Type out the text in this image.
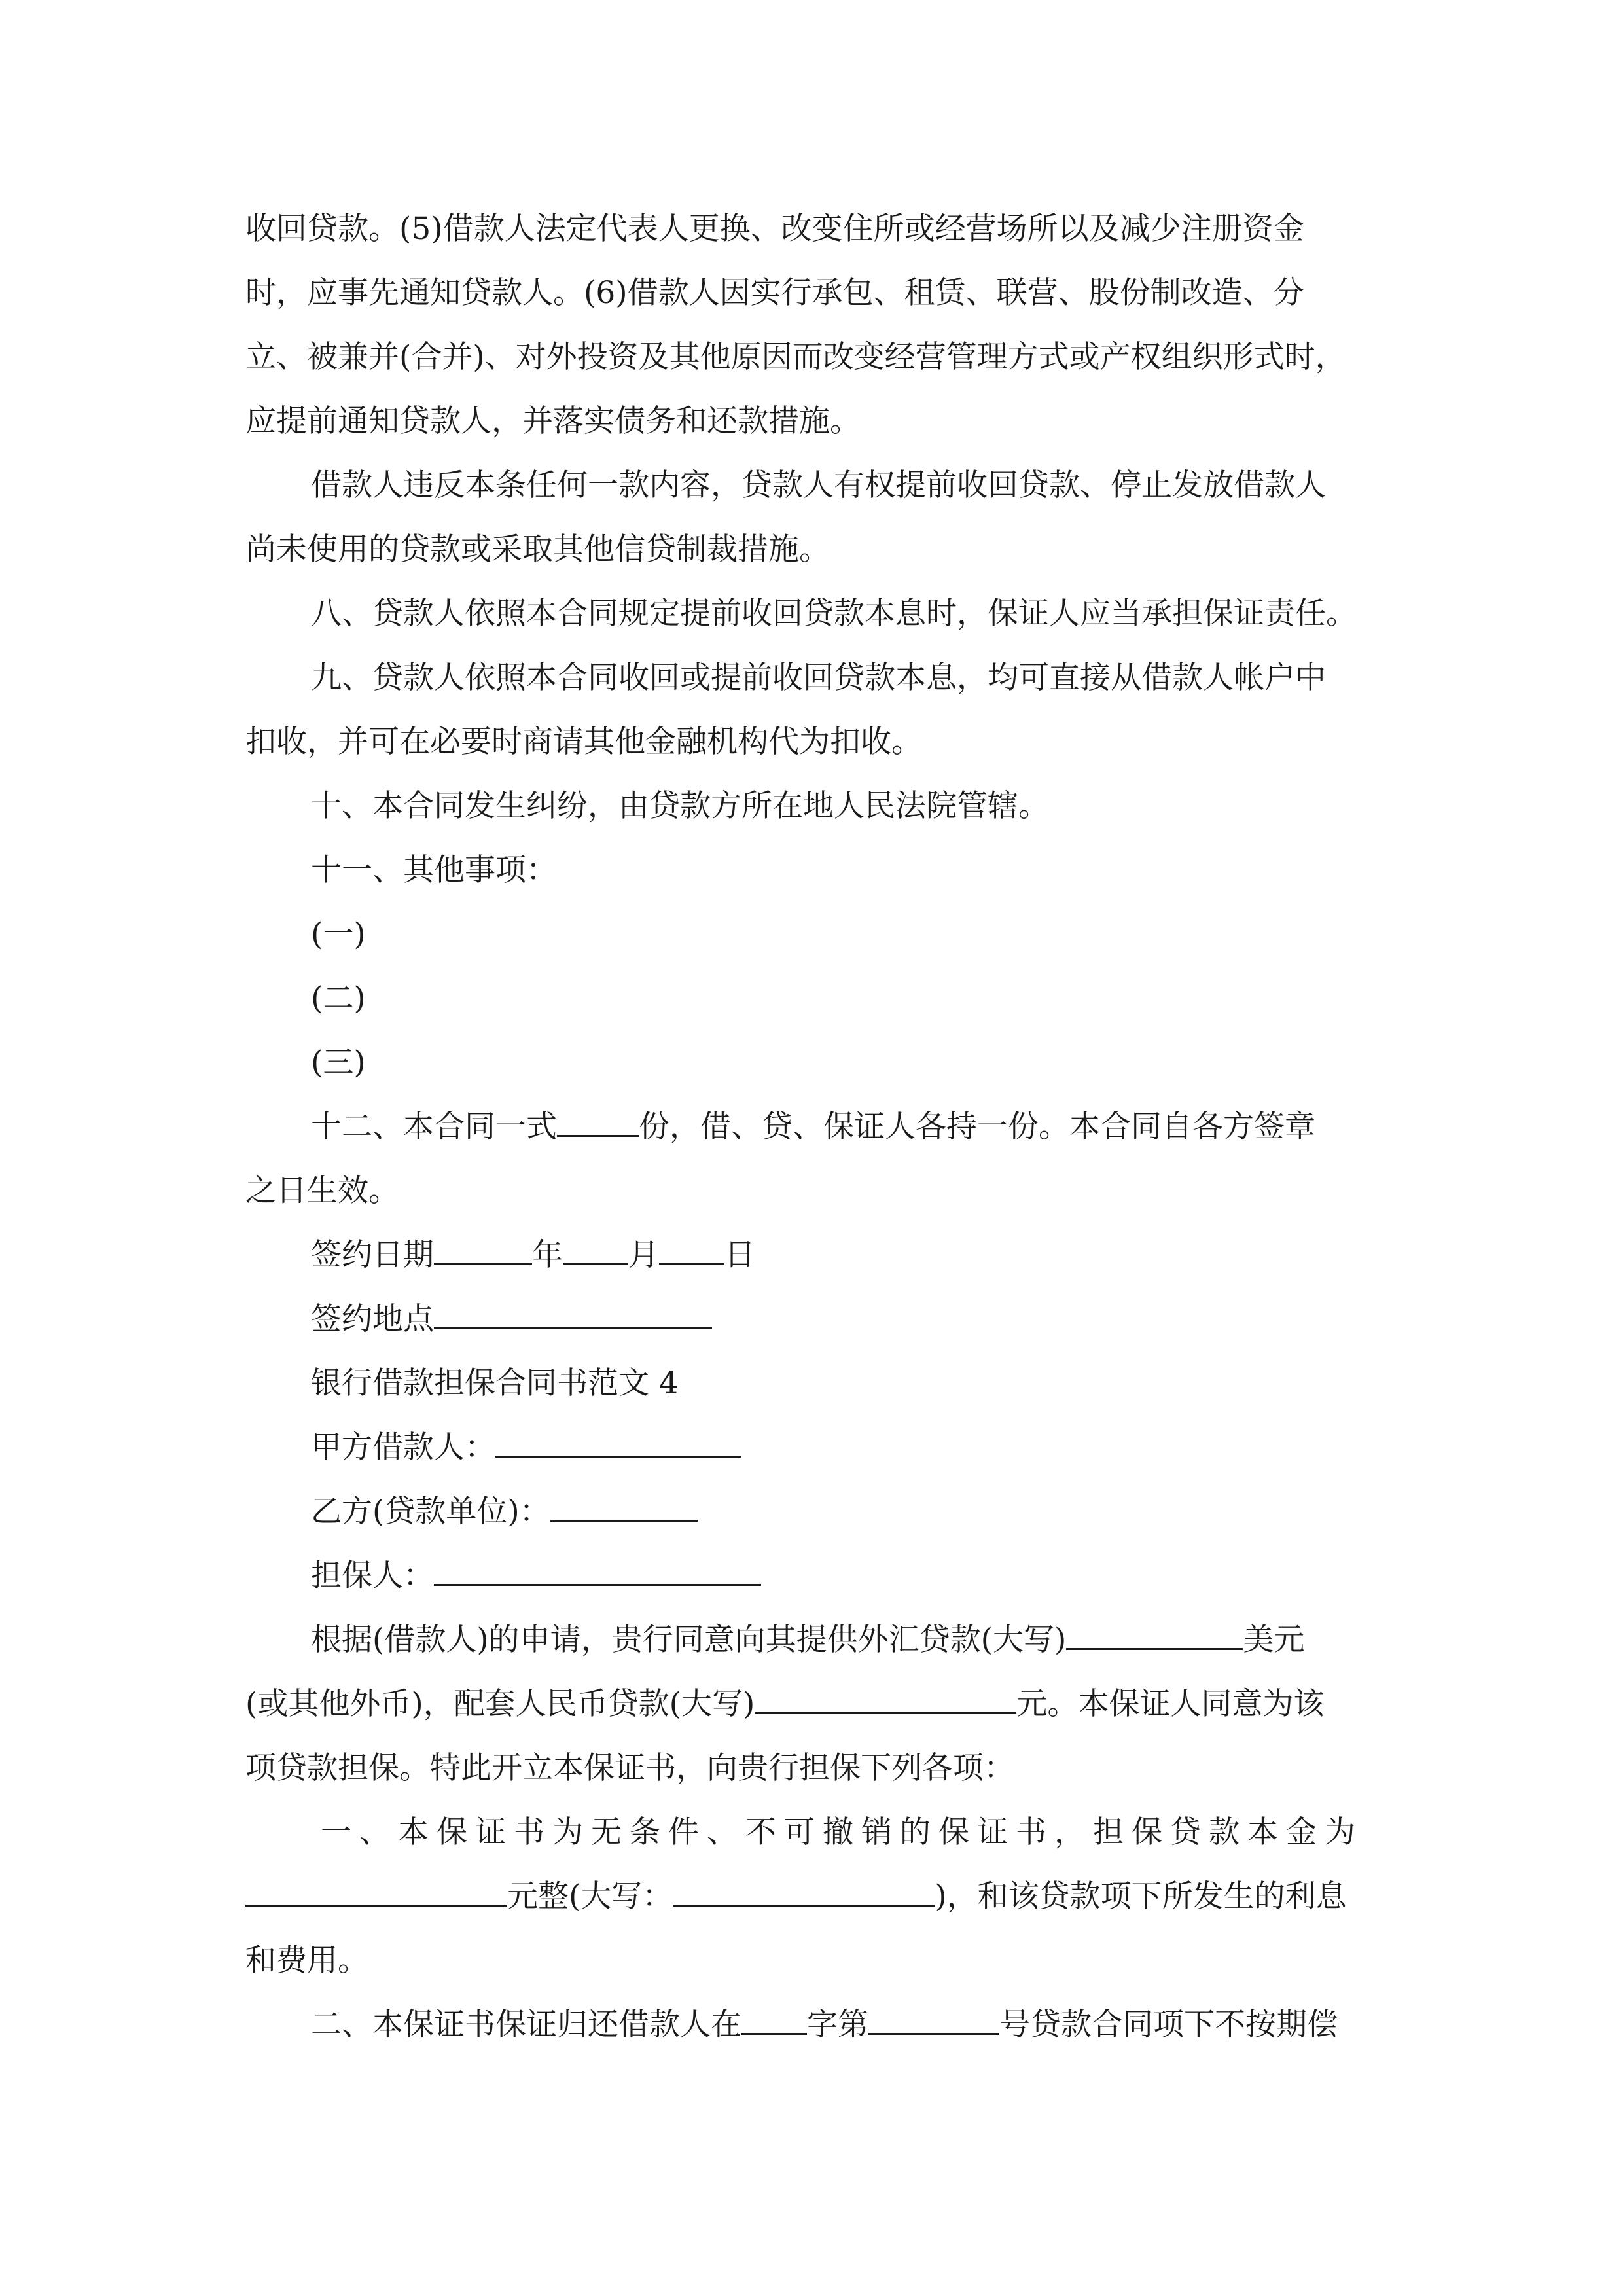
收回贷款。(5)借款人法定代表人更换、改变住所或经营场所以及减少注册资金
时，应事先通知贷款人。(6)借款人因实行承包、租赁、联营、股份制改造、分
立、被兼并(合并)、对外投资及其他原因而改变经营管理方式或产权组织形式时，
应提前通知贷款人，并落实债务和还款措施。
借款人违反本条任何一款内容，贷款人有权提前收回贷款、停止发放借款人
尚未使用的贷款或采取其他信贷制裁措施。
八、贷款人依照本合同规定提前收回贷款本息时，保证人应当承担保证责任。
九、贷款人依照本合同收回或提前收回贷款本息，均可直接从借款人帐户中
扣收，并可在必要时商请其他金融机构代为扣收。
十、本合同发生纠纷，由贷款方所在地人民法院管辖。
十一、其他事项：
(一)
(二)
(三)
十二、本合同一式	份，借、贷、保证人各持一份。本合同自各方签章
之日生效。
签约日期	年 月 日
签约地点
银行借款担保合同书范文 4
甲方借款人：
乙方(贷款单位)：
担保人：
根据(借款人)的申请，贵行同意向其提供外汇贷款(大写)	美元
(或其他外币)，配套人民币贷款(大写)	元。本保证人同意为该
项贷款担保。特此开立本保证书，向贵行担保下列各项：
一、本保证书为无条件、不可撤销的保证书，担保贷款本金为
元整(大写：	)，和该贷款项下所发生的利息
和费用。
二、本保证书保证归还借款人在 字第	号贷款合同项下不按期偿
